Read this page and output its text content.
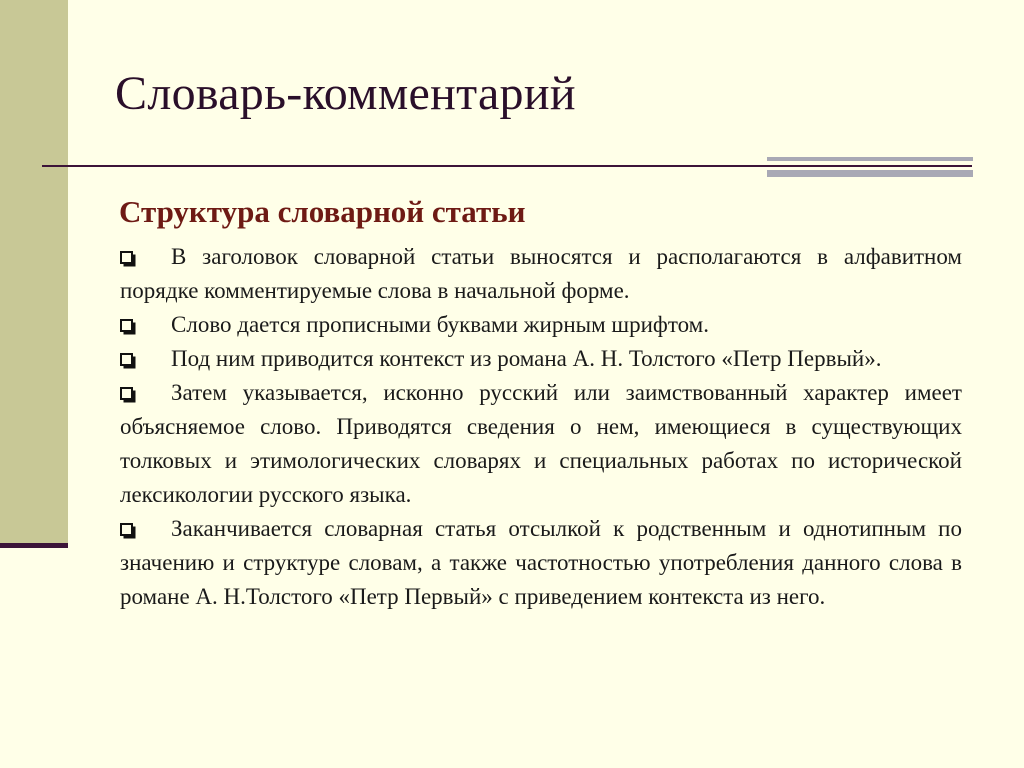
Словарь-комментарий
Структура словарной статьи

В заголовок словарной статьи выносятся и располагаются в алфавитном порядке комментируемые слова в начальной форме.

Слово дается прописными буквами жирным шрифтом.

Под ним приводится контекст из романа А. Н. Толстого «Петр Первый».

Затем указывается, исконно русский или заимствованный характер имеет объясняемое слово. Приводятся сведения о нем, имеющиеся в существующих толковых и этимологических словарях и специальных работах по исторической лексикологии русского языка.

Заканчивается словарная статья отсылкой к родственным и однотипным по значению и структуре словам, а также частотностью употребления данного слова в романе А. Н.Толстого «Петр Первый» с приведением контекста из него.
